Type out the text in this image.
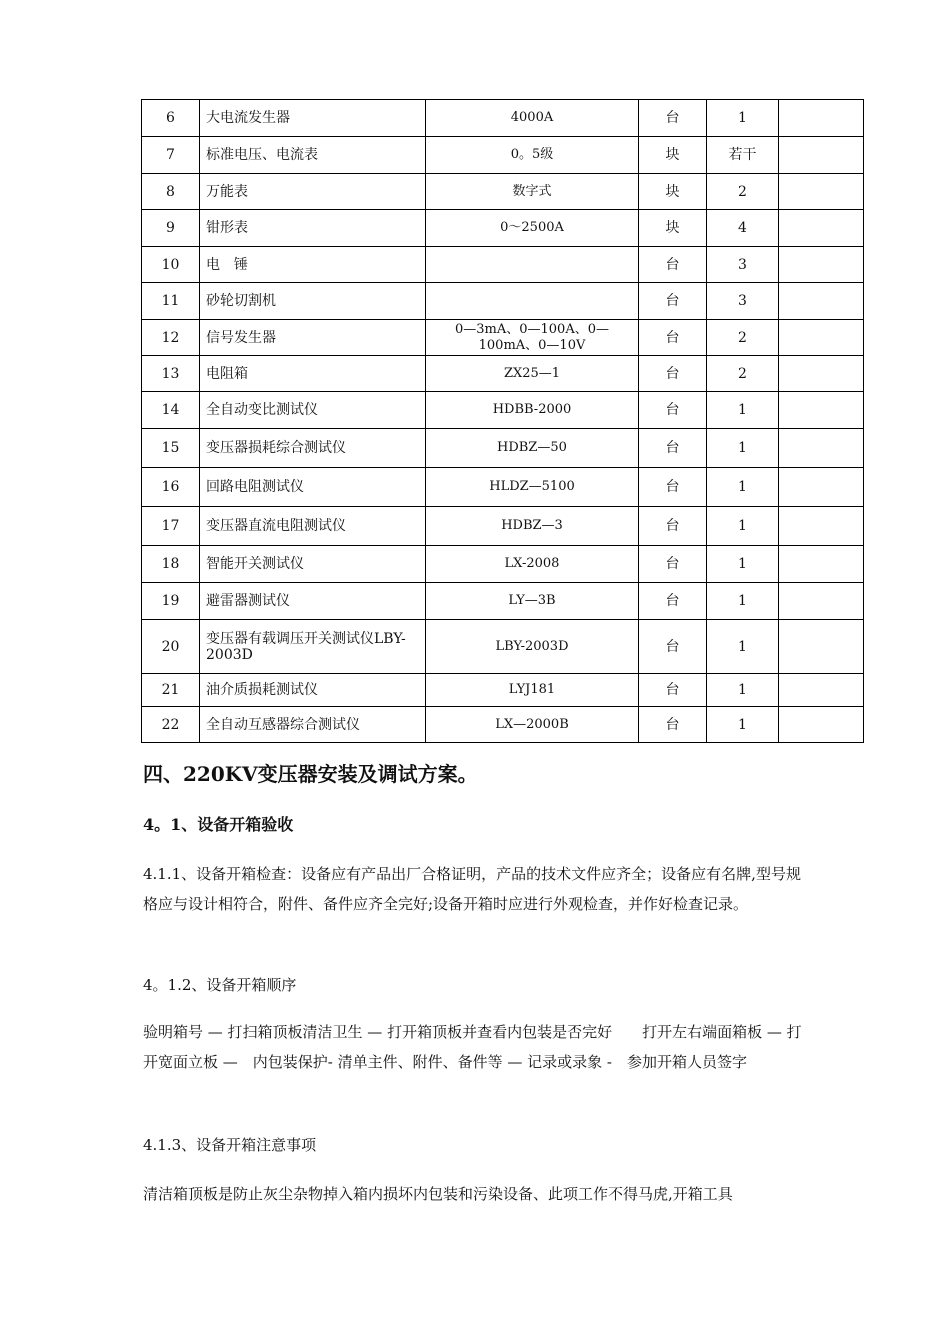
6	大电流发生器	4000A	台	1	
7	标准电压、电流表	0。5级	块	若干	
8	万能表	数字式	块	2	
9	钳形表	0～2500A	块	4	
10	电　锤		台	3	
11	砂轮切割机		台	3	
12	信号发生器	0—3mA、0—100A、0—100mA、0—10V	台	2	
13	电阻箱	ZX25—1	台	2	
14	全自动变比测试仪	HDBB-2000	台	1	
15	变压器损耗综合测试仪	HDBZ—50	台	1	
16	回路电阻测试仪	HLDZ—5100	台	1	
17	变压器直流电阻测试仪	HDBZ—3	台	1	
18	智能开关测试仪	LX-2008	台	1	
19	避雷器测试仪	LY—3B	台	1	
20	变压器有载调压开关测试仪LBY-2003D	LBY-2003D	台	1	
21	油介质损耗测试仪	LYJ181	台	1	
22	全自动互感器综合测试仪	LX—2000B	台	1	
四、220KV变压器安装及调试方案。
4。1、设备开箱验收

4.1.1、设备开箱检查：设备应有产品出厂合格证明，产品的技术文件应齐全；设备应有名牌,型号规格应与设计相符合，附件、备件应齐全完好;设备开箱时应进行外观检查，并作好检查记录。

4。1.2、设备开箱顺序

验明箱号 — 打扫箱顶板清洁卫生 — 打开箱顶板并查看内包装是否完好 打开左右端面箱板 — 打开宽面立板 —　内包装保护- 清单主件、附件、备件等 — 记录或录象 -　参加开箱人员签字

4.1.3、设备开箱注意事项

清洁箱顶板是防止灰尘杂物掉入箱内损坏内包装和污染设备、此项工作不得马虎,开箱工具
